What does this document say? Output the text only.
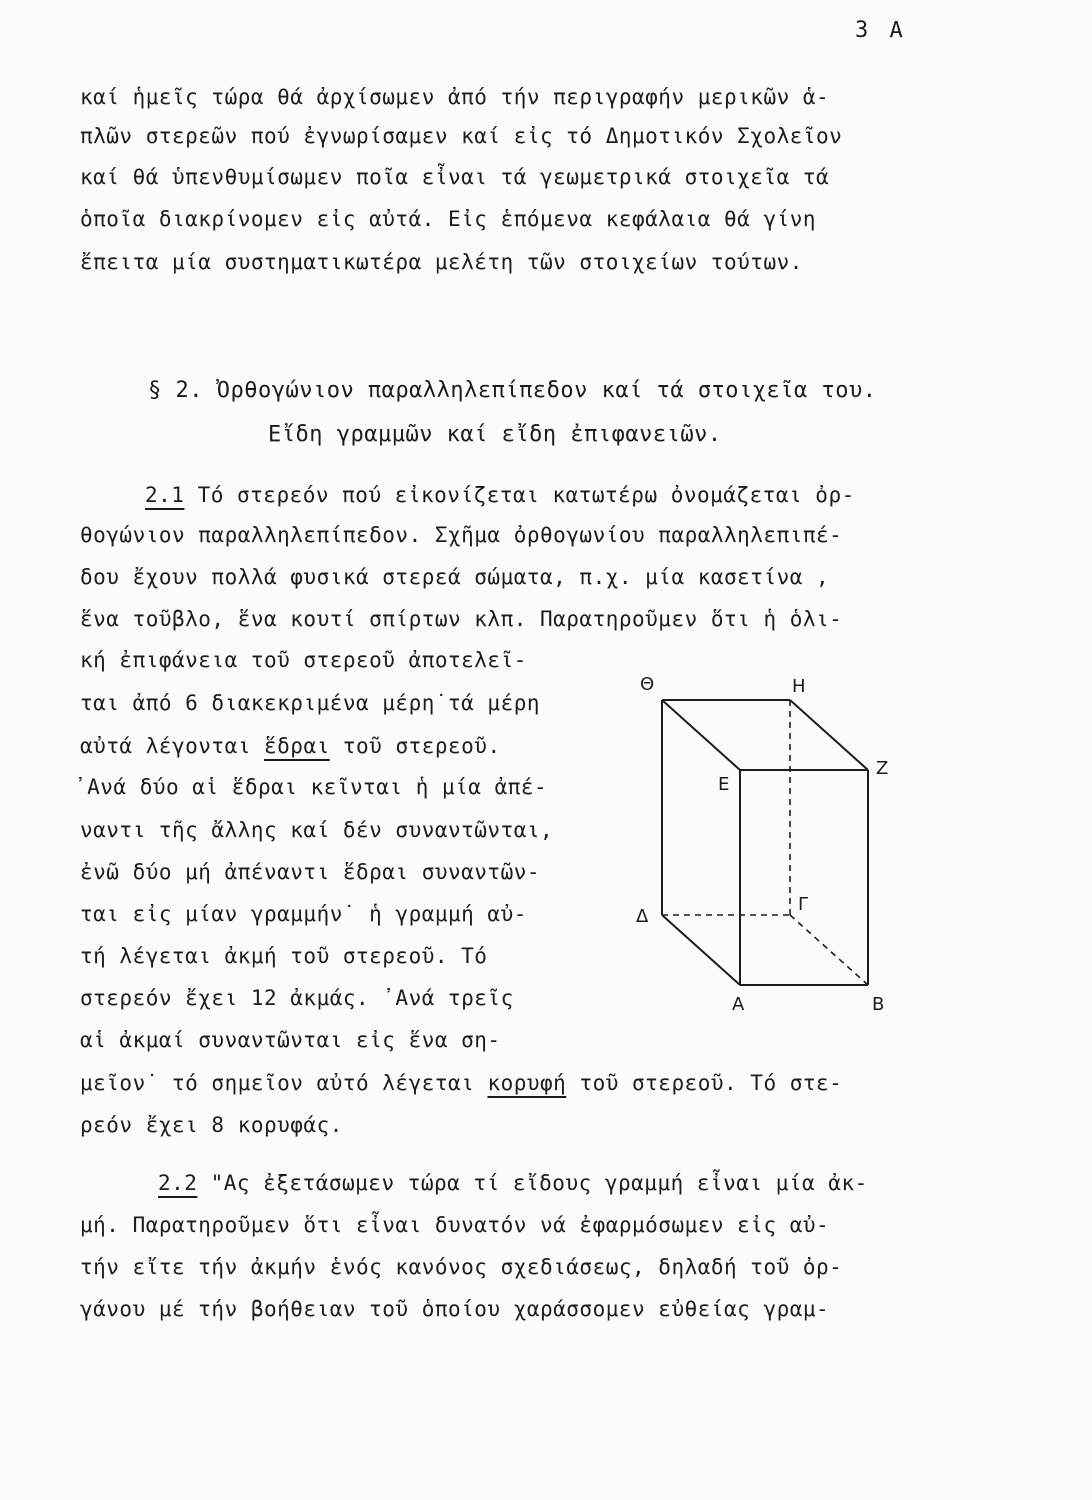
3 Α
καί ἡμεῖς τώρα θά ἀρχίσωμεν ἀπό τήν περιγραφήν μερικῶν ἁ-
πλῶν στερεῶν πού ἐγνωρίσαμεν καί εἰς τό Δημοτικόν Σχολεῖον
καί θά ὑπενθυμίσωμεν ποῖα εἶναι τά γεωμετρικά στοιχεῖα τά
ὁποῖα διακρίνομεν εἰς αὐτά. Εἰς ἑπόμενα κεφάλαια θά γίνη
ἔπειτα μία συστηματικωτέρα μελέτη τῶν στοιχείων τούτων.
§ 2. Ὀρθογώνιον παραλληλεπίπεδον καί τά στοιχεῖα του.
Εἴδη γραμμῶν καί εἴδη ἐπιφανειῶν.
2.1 Τό στερεόν πού εἰκονίζεται κατωτέρω ὀνομάζεται ὀρ-
θογώνιον παραλληλεπίπεδον. Σχῆμα ὀρθογωνίου παραλληλεπιπέ-
δου ἔχουν πολλά φυσικά στερεά σώματα, π.χ. μία κασετίνα ,
ἕνα τοῦβλο, ἕνα κουτί σπίρτων κλπ. Παρατηροῦμεν ὅτι ἡ ὁλι-
κή ἐπιφάνεια τοῦ στερεοῦ ἀποτελεῖ-
ται ἀπό 6 διακεκριμένα μέρη˙τά μέρη
αὐτά λέγονται ἕδραι τοῦ στερεοῦ.
᾿Ανά δύο αἱ ἕδραι κεῖνται ἡ μία ἀπέ-
ναντι τῆς ἄλλης καί δέν συναντῶνται,
ἐνῶ δύο μή ἀπέναντι ἕδραι συναντῶν-
ται εἰς μίαν γραμμήν˙ ἡ γραμμή αὐ-
τή λέγεται ἀκμή τοῦ στερεοῦ. Τό
στερεόν ἔχει 12 ἀκμάς. ᾿Ανά τρεῖς
αἱ ἀκμαί συναντῶνται εἰς ἕνα ση-
μεῖον˙ τό σημεῖον αὐτό λέγεται κορυφή τοῦ στερεοῦ. Τό στε-
ρεόν ἔχει 8 κορυφάς.
2.2 "Ας ἐξετάσωμεν τώρα τί εἴδους γραμμή εἶναι μία ἀκ-
μή. Παρατηροῦμεν ὅτι εἶναι δυνατόν νά ἐφαρμόσωμεν εἰς αὐ-
τήν εἴτε τήν ἀκμήν ἑνός κανόνος σχεδιάσεως, δηλαδή τοῦ ὀρ-
γάνου μέ τήν βοήθειαν τοῦ ὁποίου χαράσσομεν εὐθείας γραμ-
Θ	Η
Ε
Ζ
Δ
Γ
Α	Β
